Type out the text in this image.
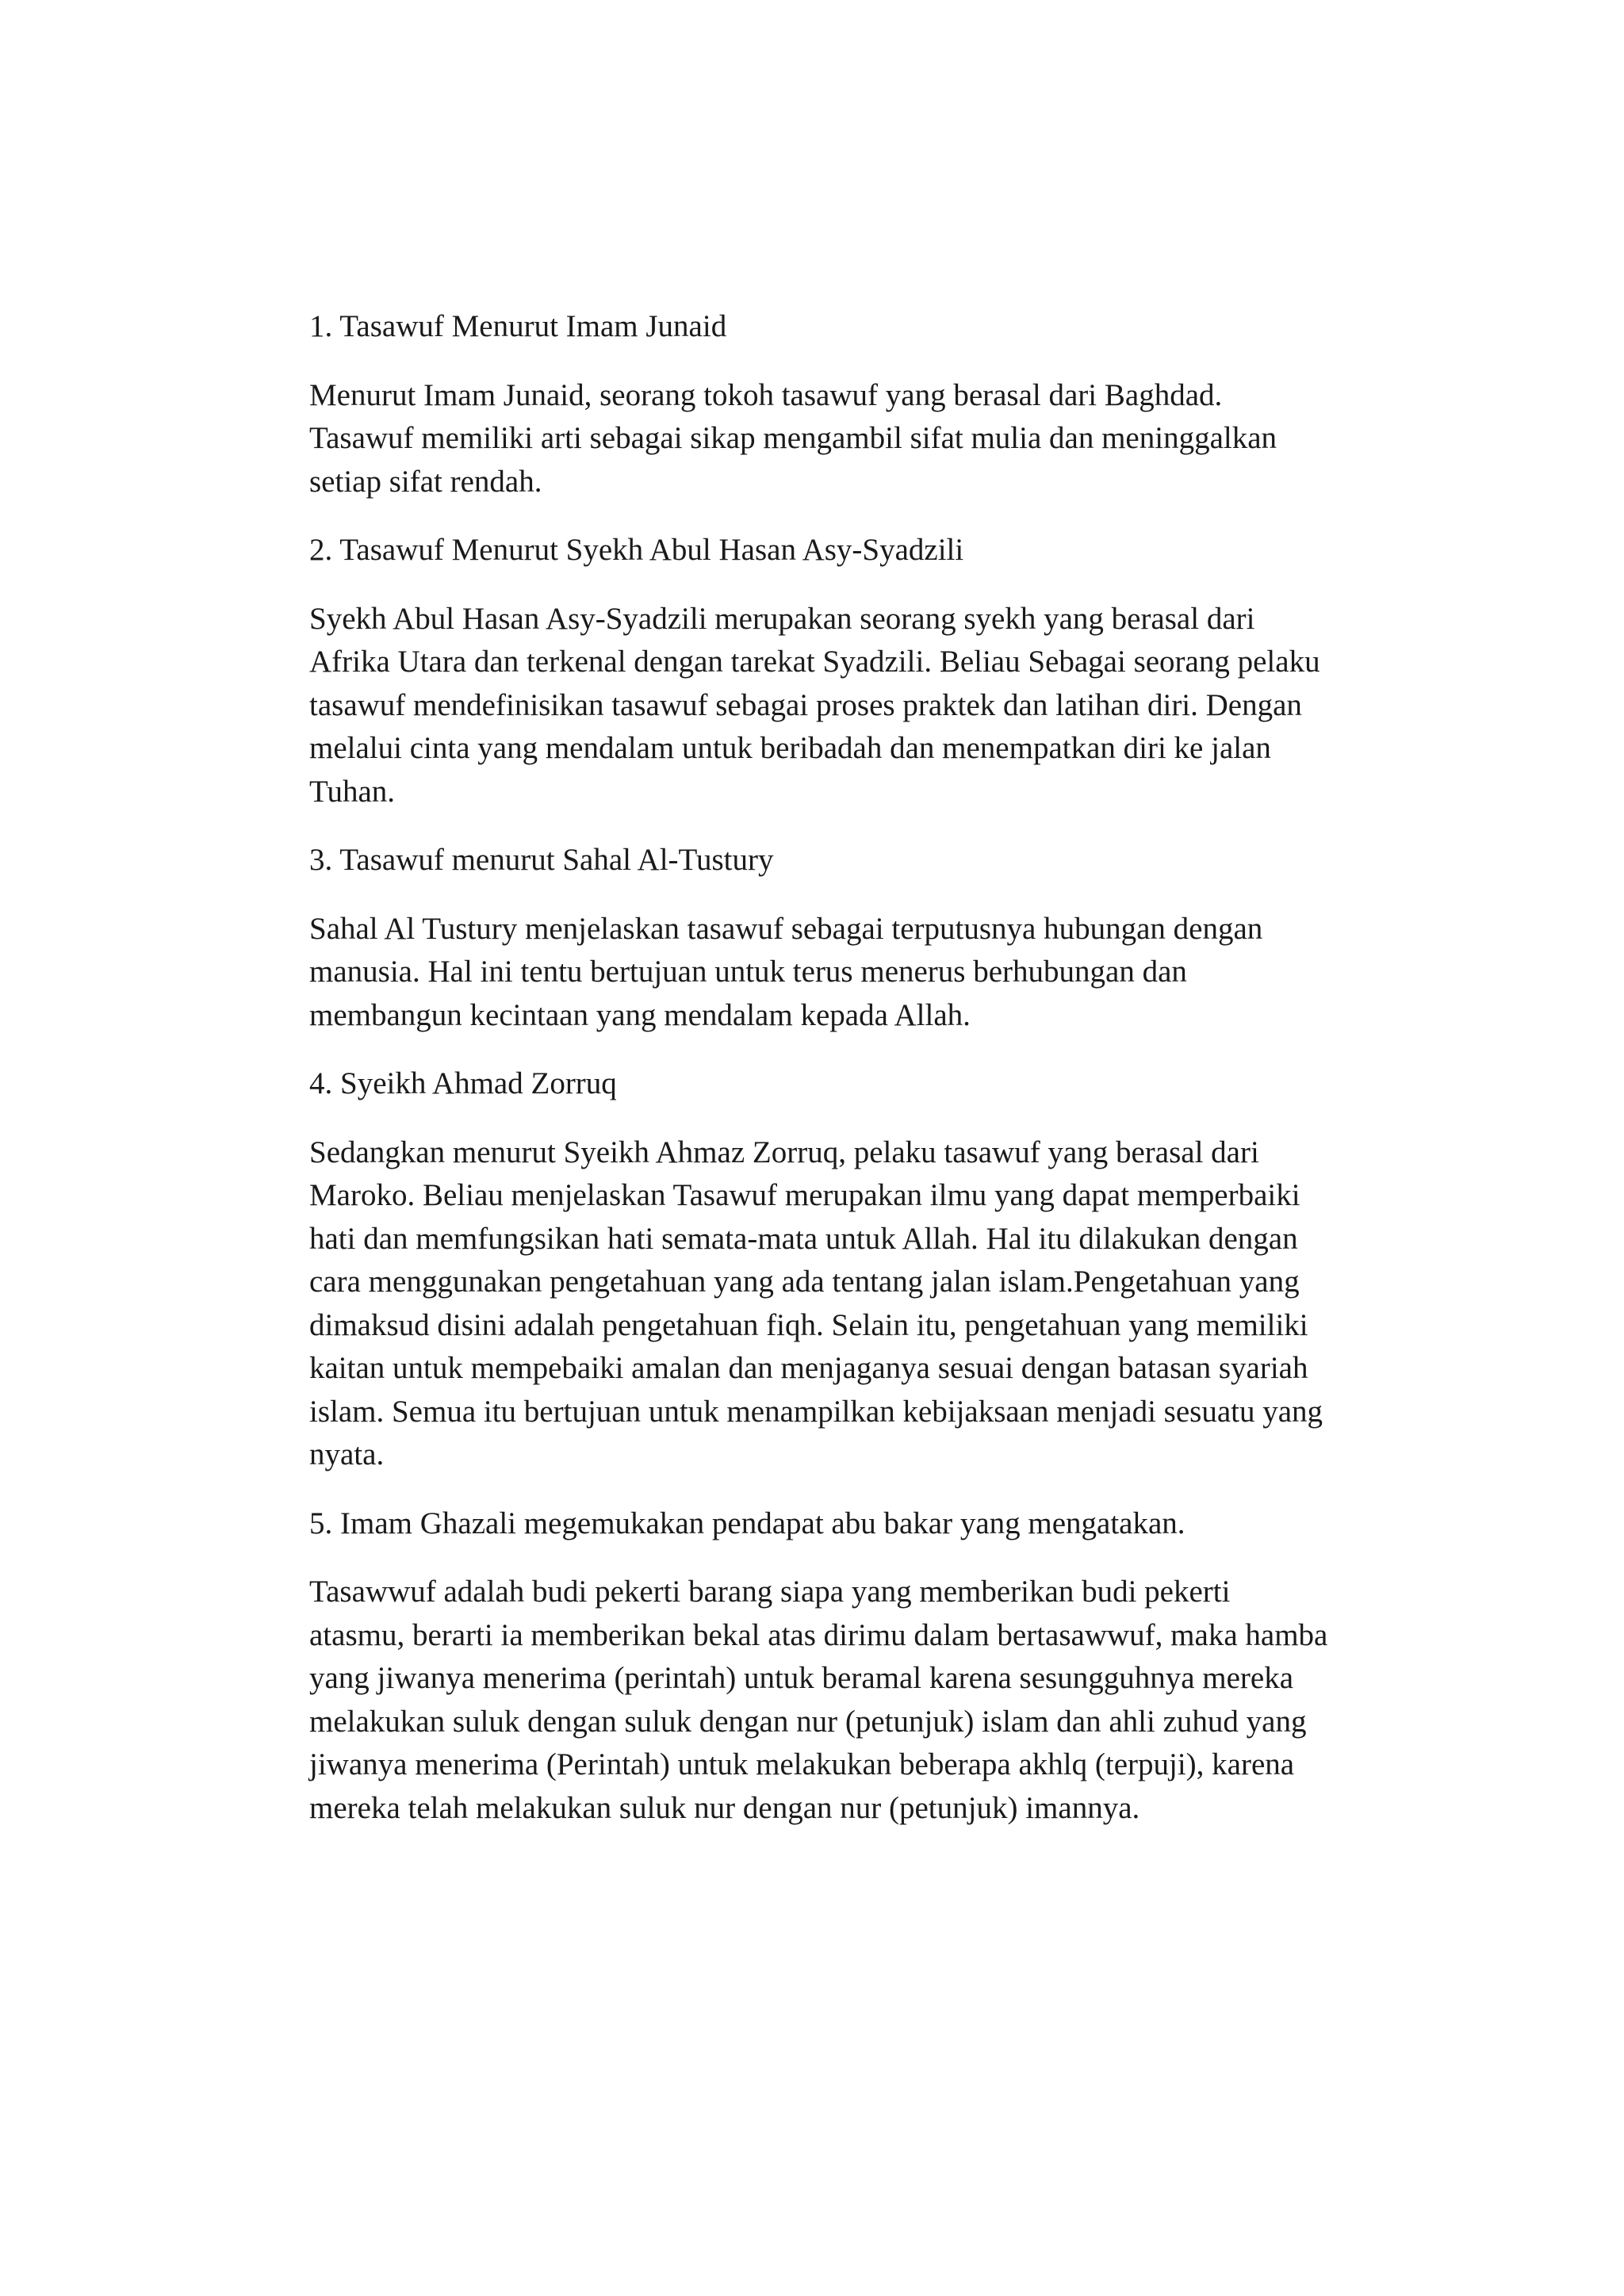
1. Tasawuf Menurut Imam Junaid
Menurut Imam Junaid, seorang tokoh tasawuf yang berasal dari Baghdad.
Tasawuf memiliki arti sebagai sikap mengambil sifat mulia dan meninggalkan
setiap sifat rendah.
2. Tasawuf Menurut Syekh Abul Hasan Asy-Syadzili
Syekh Abul Hasan Asy-Syadzili merupakan seorang syekh yang berasal dari
Afrika Utara dan terkenal dengan tarekat Syadzili. Beliau Sebagai seorang pelaku
tasawuf mendefinisikan tasawuf sebagai proses praktek dan latihan diri. Dengan
melalui cinta yang mendalam untuk beribadah dan menempatkan diri ke jalan
Tuhan.
3. Tasawuf menurut Sahal Al-Tustury
Sahal Al Tustury menjelaskan tasawuf sebagai terputusnya hubungan dengan
manusia. Hal ini tentu bertujuan untuk terus menerus berhubungan dan
membangun kecintaan yang mendalam kepada Allah.
4. Syeikh Ahmad Zorruq
Sedangkan menurut Syeikh Ahmaz Zorruq, pelaku tasawuf yang berasal dari
Maroko. Beliau menjelaskan Tasawuf merupakan ilmu yang dapat memperbaiki
hati dan memfungsikan hati semata-mata untuk Allah. Hal itu dilakukan dengan
cara menggunakan pengetahuan yang ada tentang jalan islam.Pengetahuan yang
dimaksud disini adalah pengetahuan fiqh. Selain itu, pengetahuan yang memiliki
kaitan untuk mempebaiki amalan dan menjaganya sesuai dengan batasan syariah
islam. Semua itu bertujuan untuk menampilkan kebijaksaan menjadi sesuatu yang
nyata.
5. Imam Ghazali megemukakan pendapat abu bakar yang mengatakan.
Tasawwuf adalah budi pekerti barang siapa yang memberikan budi pekerti
atasmu, berarti ia memberikan bekal atas dirimu dalam bertasawwuf, maka hamba
yang jiwanya menerima (perintah) untuk beramal karena sesungguhnya mereka
melakukan suluk dengan suluk dengan nur (petunjuk) islam dan ahli zuhud yang
jiwanya menerima (Perintah) untuk melakukan beberapa akhlq (terpuji), karena
mereka telah melakukan suluk nur dengan nur (petunjuk) imannya.
